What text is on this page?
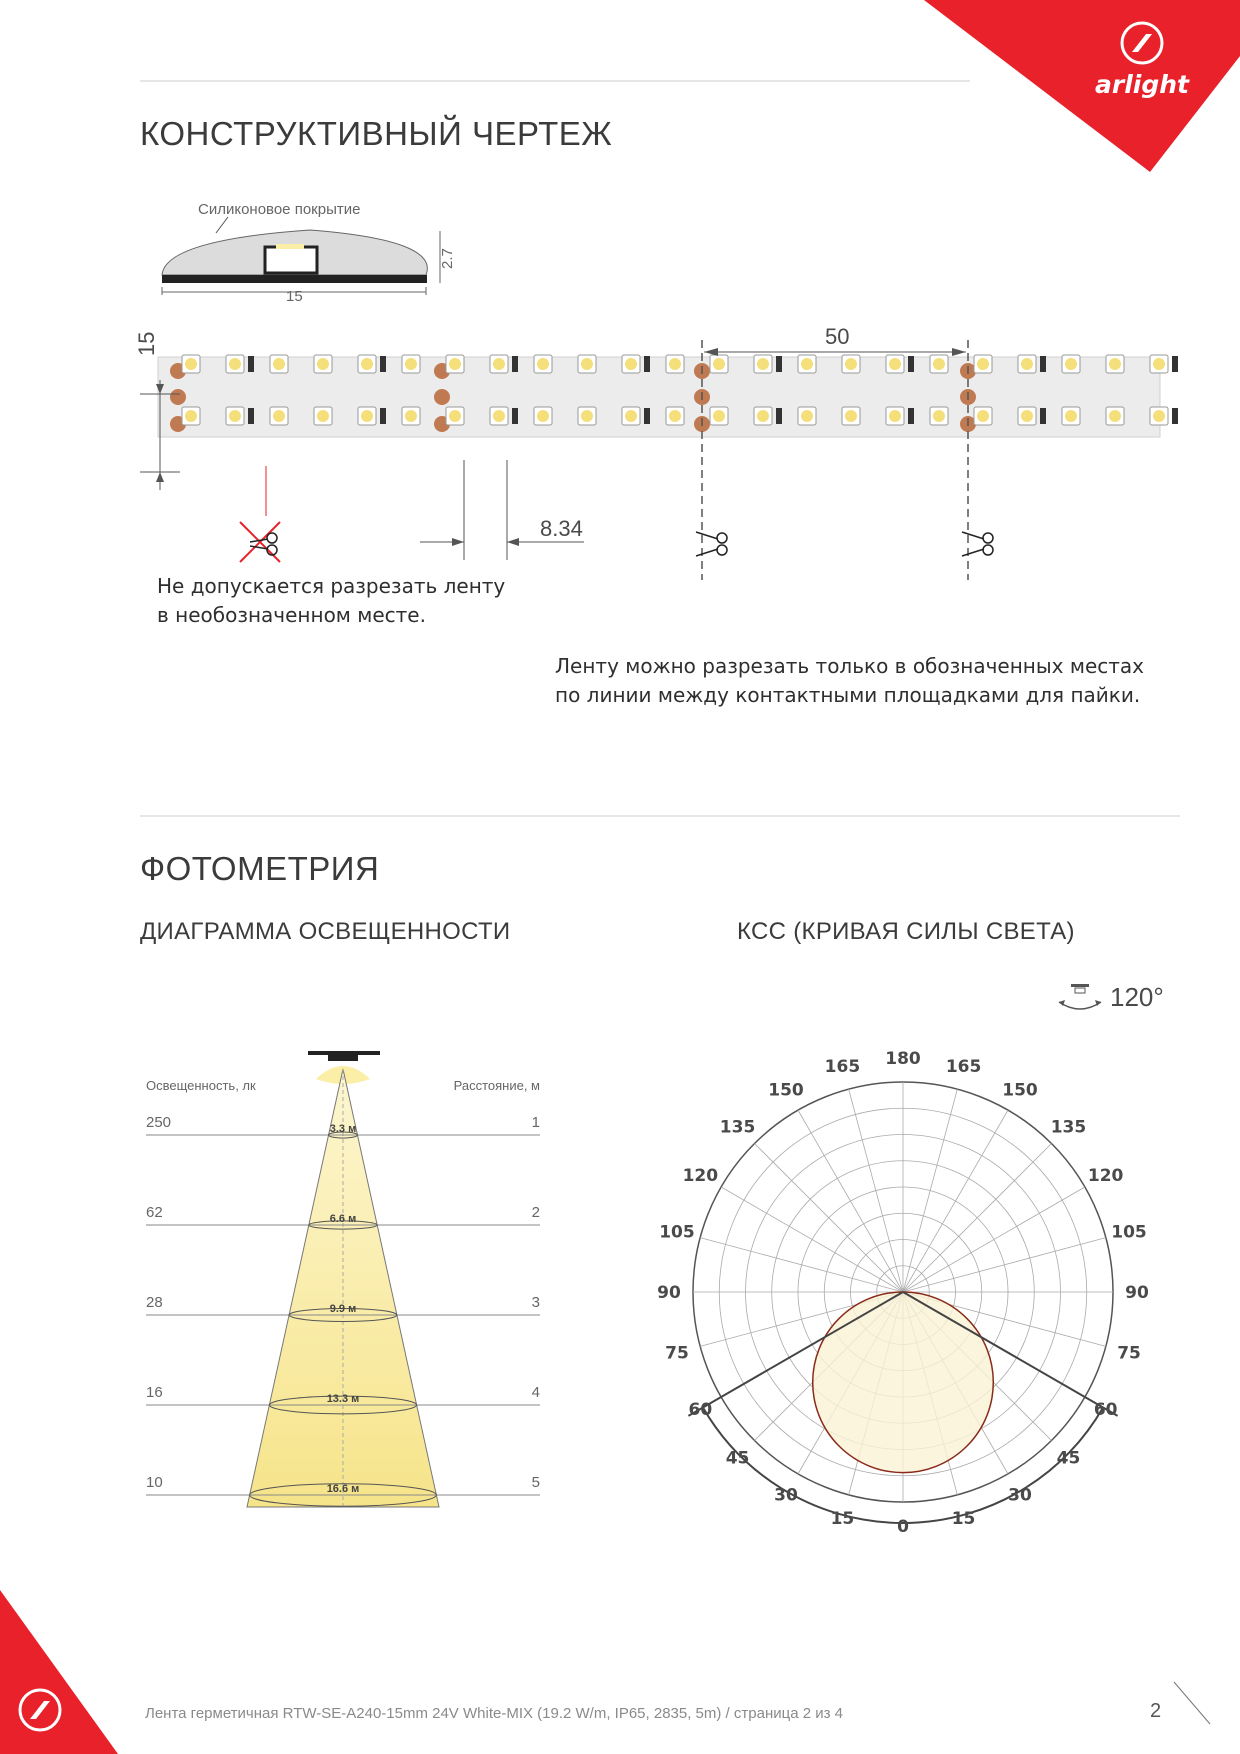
arlight
КОНСТРУКТИВНЫЙ ЧЕРТЕЖ
Силиконовое покрытие
2.7
15
15	50
8.34
Не допускается разрезать ленту
в необозначенном месте.
Ленту можно разрезать только в обозначенных местах
по линии между контактными площадками для пайки.
ФОТОМЕТРИЯ
ДИАГРАММА ОСВЕЩЕННОСТИ	КСС (КРИВАЯ СИЛЫ СВЕТА)
Освещенность, лк	Расстояние, м
250	1
3.3 м
62	2
6.6 м
28	3
9.9 м
16	4
13.3 м
10	5
16.6 м
120°
180
165
150
135
120
105
90
75
60
45
30
15	0
165
150
135
120
105
90
75
60
45
30
15
Лента герметичная RTW-SE-A240-15mm 24V White-MIX (19.2 W/m, IP65, 2835, 5m) / страница 2 из 4	2
